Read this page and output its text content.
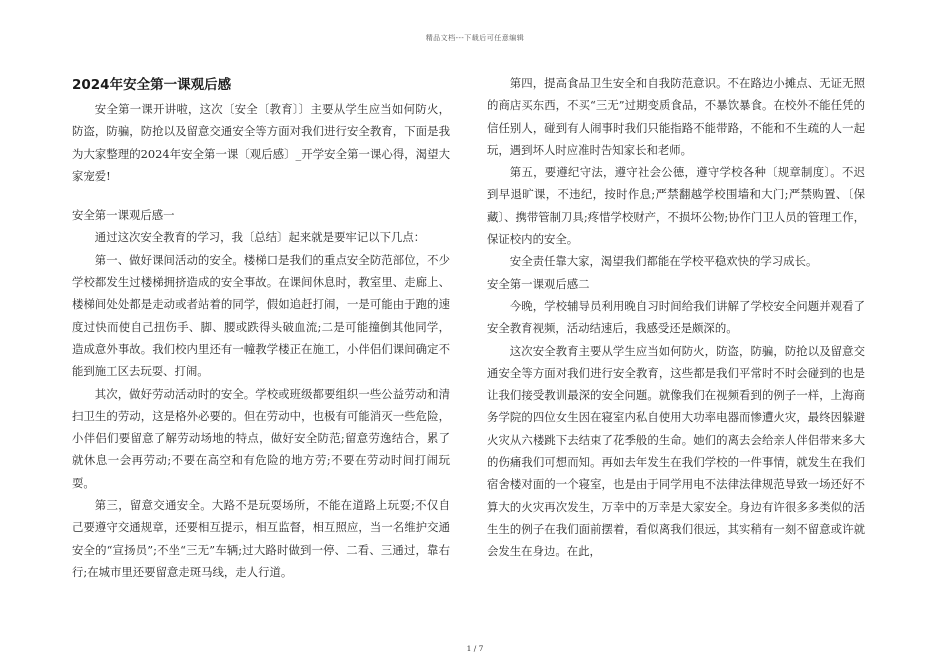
精品文档---下载后可任意编辑
2024年安全第一课观后感

安全第一课开讲啦，这次〔安全〔教育〕〕主要从学生应当如何防火，防盗，防骗，防抢以及留意交通安全等方面对我们进行安全教育，下面是我为大家整理的2024年安全第一课〔观后感〕_开学安全第一课心得，渴望大家宠爱!

安全第一课观后感一

通过这次安全教育的学习，我〔总结〕起来就是要牢记以下几点：

第一、做好课间活动的安全。楼梯口是我们的重点安全防范部位，不少学校都发生过楼梯拥挤造成的安全事故。在课间休息时，教室里、走廊上、楼梯间处处都是走动或者站着的同学，假如追赶打闹，一是可能由于跑的速度过快而使自己扭伤手、脚、腰或跌得头破血流;二是可能撞倒其他同学，造成意外事故。我们校内里还有一幢教学楼正在施工，小伴侣们课间确定不能到施工区去玩耍、打闹。

其次，做好劳动活动时的安全。学校或班级都要组织一些公益劳动和清扫卫生的劳动，这是格外必要的。但在劳动中，也极有可能消灭一些危险，小伴侣们要留意了解劳动场地的特点，做好安全防范;留意劳逸结合，累了就休息一会再劳动;不要在高空和有危险的地方劳;不要在劳动时间打闹玩耍。

第三，留意交通安全。大路不是玩耍场所，不能在道路上玩耍;不仅自己要遵守交通规章，还要相互提示，相互监督，相互照应，当一名维护交通安全的“宣扬员”;不坐“三无”车辆;过大路时做到一停、二看、三通过，靠右行;在城市里还要留意走斑马线，走人行道。

第四，提高食品卫生安全和自我防范意识。不在路边小摊点、无证无照的商店买东西，不买“三无”过期变质食品，不暴饮暴食。在校外不能任凭的信任别人，碰到有人闹事时我们只能指路不能带路，不能和不生疏的人一起玩，遇到坏人时应准时告知家长和老师。

第五，要遵纪守法，遵守社会公德，遵守学校各种〔规章制度〕。不迟到早退旷课，不违纪，按时作息;严禁翻越学校围墙和大门;严禁购置、〔保藏〕、携带管制刀具;疼惜学校财产，不损坏公物;协作门卫人员的管理工作，保证校内的安全。

安全责任靠大家，渴望我们都能在学校平稳欢快的学习成长。

安全第一课观后感二

今晚，学校辅导员利用晚自习时间给我们讲解了学校安全问题并观看了安全教育视频，活动结速后，我感受还是颇深的。

这次安全教育主要从学生应当如何防火，防盗，防骗，防抢以及留意交通安全等方面对我们进行安全教育，这些都是我们平常时不时会碰到的也是让我们接受教训最深的安全问题。就像我们在视频看到的例子一样，上海商务学院的四位女生因在寝室内私自使用大功率电器而惨遭火灾，最终因躲避火灾从六楼跳下去结束了花季般的生命。她们的离去会给亲人伴侣带来多大的伤痛我们可想而知。再如去年发生在我们学校的一件事情，就发生在我们宿舍楼对面的一个寝室，也是由于同学用电不法律法律规范导致一场还好不算大的火灾再次发生，万幸中的万幸是大家安全。身边有许很多多类似的活生生的例子在我们面前摆着，看似离我们很远，其实稍有一刻不留意或许就会发生在身边。在此，

1 / 7
